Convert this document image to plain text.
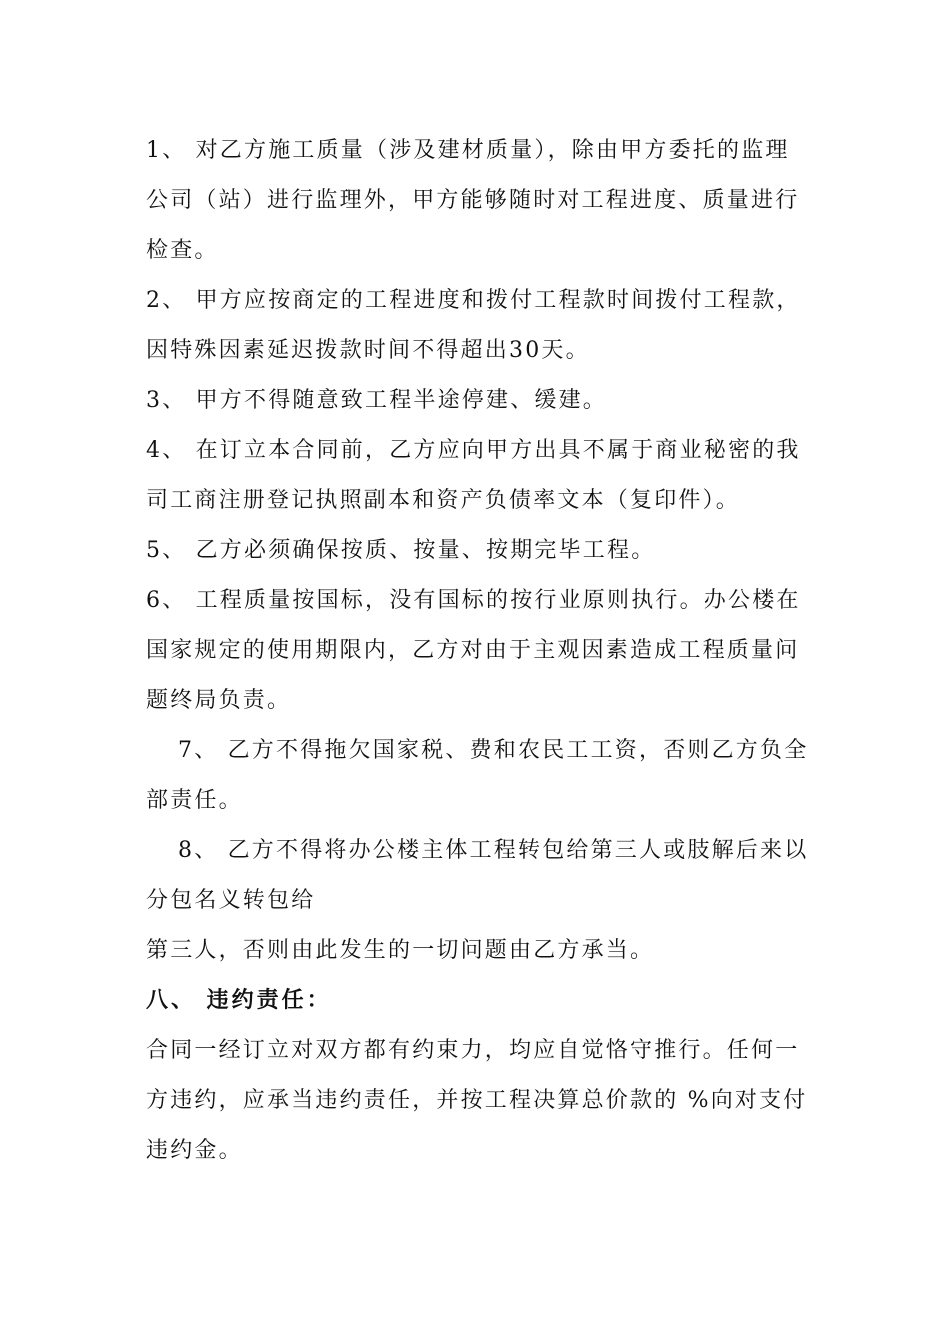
1、 对乙方施工质量（涉及建材质量），除由甲方委托的监理
公司（站）进行监理外，甲方能够随时对工程进度、质量进行
检查。
2、 甲方应按商定的工程进度和拨付工程款时间拨付工程款，
因特殊因素延迟拨款时间不得超出30天。
3、 甲方不得随意致工程半途停建、缓建。
4、 在订立本合同前，乙方应向甲方出具不属于商业秘密的我
司工商注册登记执照副本和资产负债率文本（复印件）。
5、 乙方必须确保按质、按量、按期完毕工程。
6、 工程质量按国标，没有国标的按行业原则执行。办公楼在
国家规定的使用期限内，乙方对由于主观因素造成工程质量问
题终局负责。
7、 乙方不得拖欠国家税、费和农民工工资，否则乙方负全
部责任。
8、 乙方不得将办公楼主体工程转包给第三人或肢解后来以
分包名义转包给
第三人，否则由此发生的一切问题由乙方承当。
八、 违约责任：
合同一经订立对双方都有约束力，均应自觉恪守推行。任何一
方违约，应承当违约责任，并按工程决算总价款的 %向对支付
违约金。
